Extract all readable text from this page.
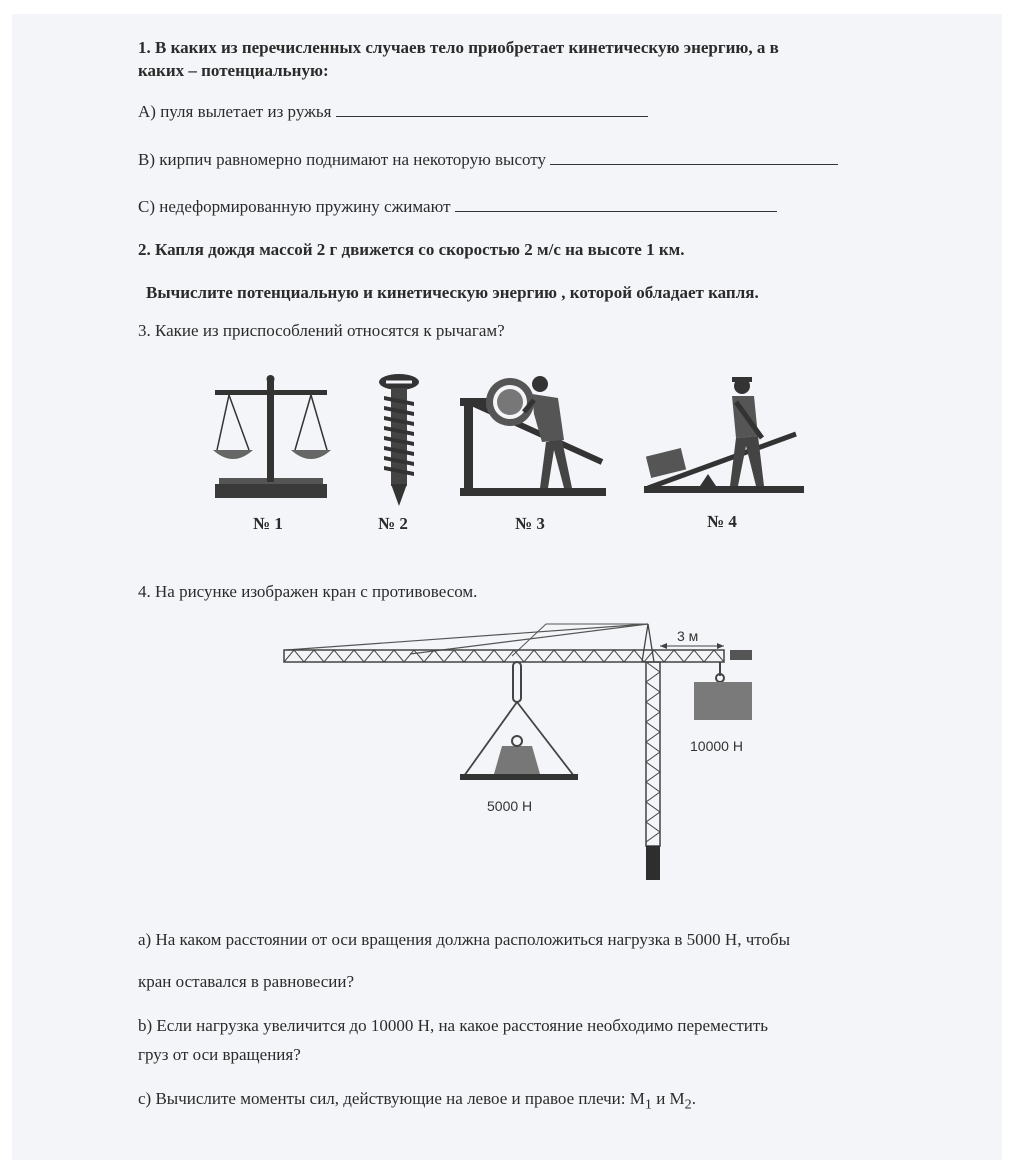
1. В каких из перечисленных случаев тело приобретает кинетическую энергию, а в
каких – потенциальную:
А) пуля вылетает из ружья
В) кирпич равномерно поднимают на некоторую высоту
С) недеформированную пружину сжимают
2. Капля дождя массой 2 г движется со скоростью 2 м/с на высоте 1 км.
Вычислите потенциальную и кинетическую энергию , которой обладает капля.
3. Какие из приспособлений относятся к рычагам?
№ 1	№ 2	№ 3	№ 4
4. На рисунке изображен кран с противовесом.
3 м
10000 Н
5000 Н
а) На каком расстоянии от оси вращения должна расположиться нагрузка в 5000 Н, чтобы
кран оставался в равновесии?
b) Если нагрузка увеличится до 10000 Н, на какое расстояние необходимо переместить
груз от оси вращения?
с) Вычислите моменты сил, действующие на левое и правое плечи: $М_1$ и $М_2$.
